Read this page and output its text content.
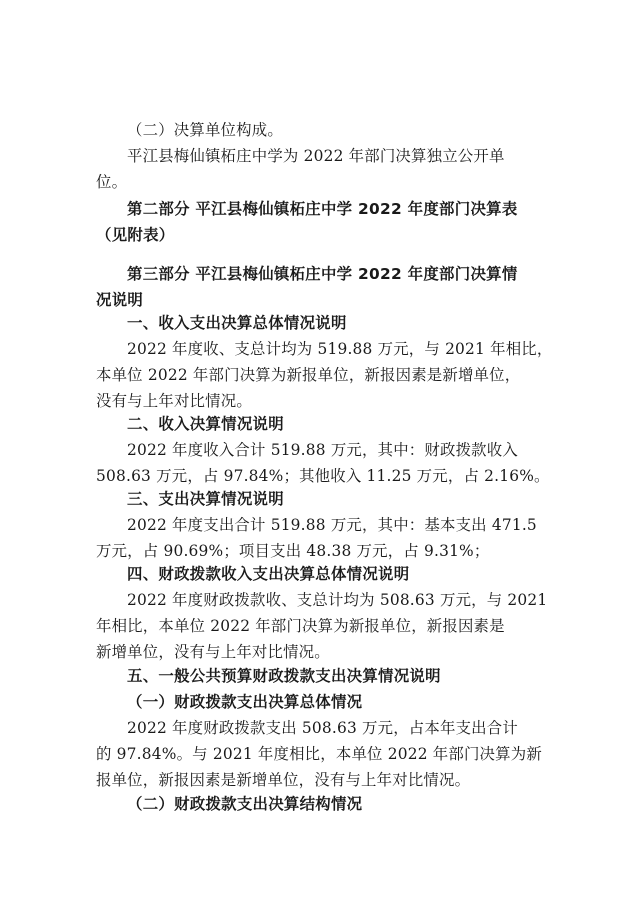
（二）决算单位构成。
平江县梅仙镇柘庄中学为 2022 年部门决算独立公开单
位。
第二部分 平江县梅仙镇柘庄中学 2022 年度部门决算表
（见附表）
第三部分 平江县梅仙镇柘庄中学 2022 年度部门决算情
况说明
一、收入支出决算总体情况说明
2022 年度收、支总计均为 519.88 万元，与 2021 年相比，
本单位 2022 年部门决算为新报单位，新报因素是新增单位，
没有与上年对比情况。
二、收入决算情况说明
2022 年度收入合计 519.88 万元，其中：财政拨款收入
508.63 万元，占 97.84%；其他收入 11.25 万元，占 2.16%。
三、支出决算情况说明
2022 年度支出合计 519.88 万元，其中：基本支出 471.5
万元，占 90.69%；项目支出 48.38 万元，占 9.31%；
四、财政拨款收入支出决算总体情况说明
2022 年度财政拨款收、支总计均为 508.63 万元，与 2021
年相比，本单位 2022 年部门决算为新报单位，新报因素是
新增单位，没有与上年对比情况。
五、一般公共预算财政拨款支出决算情况说明
（一）财政拨款支出决算总体情况
2022 年度财政拨款支出 508.63 万元，占本年支出合计
的 97.84%。与 2021 年度相比，本单位 2022 年部门决算为新
报单位，新报因素是新增单位，没有与上年对比情况。
（二）财政拨款支出决算结构情况
